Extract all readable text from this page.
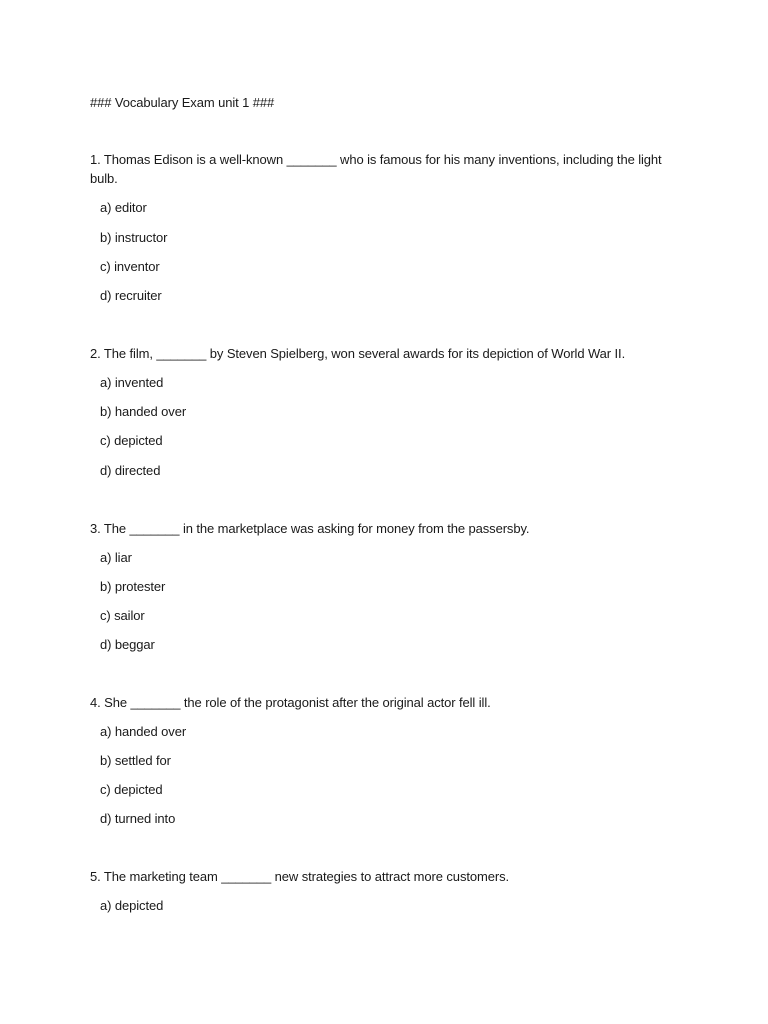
### Vocabulary Exam unit 1 ###
1. Thomas Edison is a well-known _______ who is famous for his many inventions, including the light bulb.
a) editor
b) instructor
c) inventor
d) recruiter
2. The film, _______ by Steven Spielberg, won several awards for its depiction of World War II.
a) invented
b) handed over
c) depicted
d) directed
3. The _______ in the marketplace was asking for money from the passersby.
a) liar
b) protester
c) sailor
d) beggar
4. She _______ the role of the protagonist after the original actor fell ill.
a) handed over
b) settled for
c) depicted
d) turned into
5. The marketing team _______ new strategies to attract more customers.
a) depicted
